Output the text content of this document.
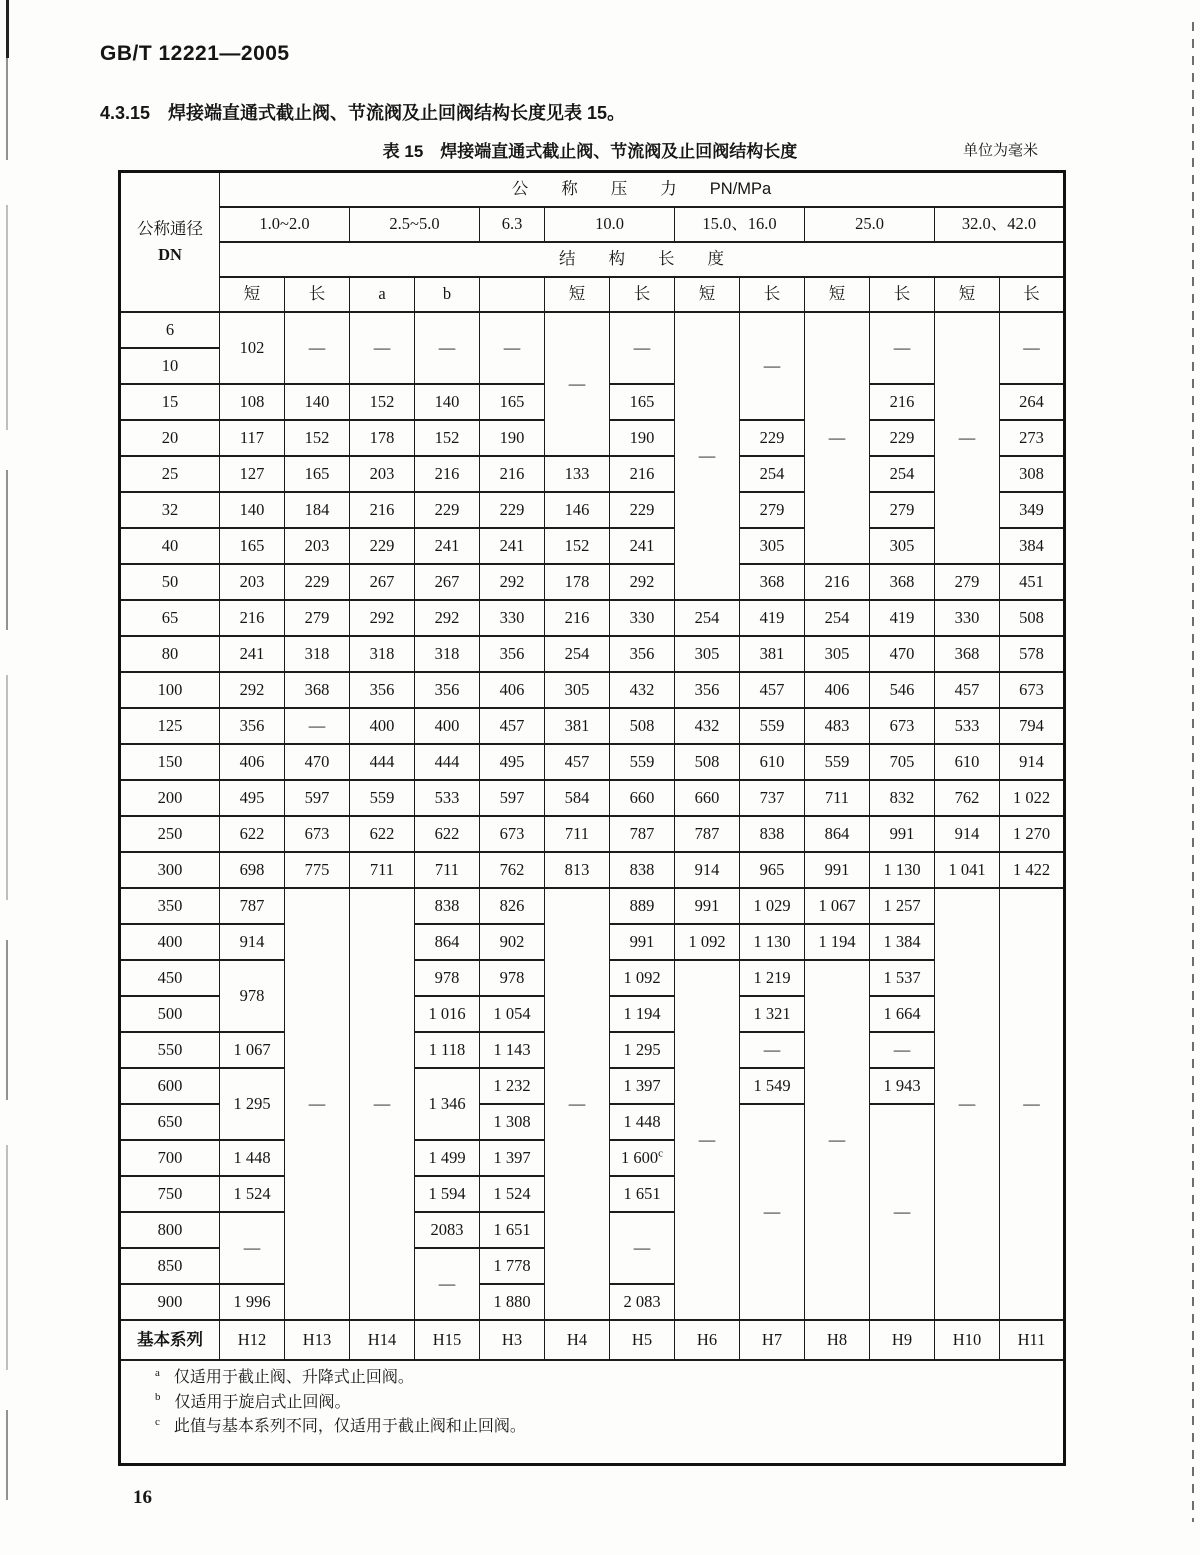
GB/T 12221—2005
4.3.15　焊接端直通式截止阀、节流阀及止回阀结构长度见表 15。
表 15　焊接端直通式截止阀、节流阀及止回阀结构长度	单位为毫米
公称通径
DN	公　　称　　压　　力　　PN/MPa												
	1.0~2.0		2.5~5.0		6.3	10.0		15.0、16.0		25.0		32.0、42.0	
	结　　构　　长　　度												
	短	长	a	b		短	长	短	长	短	长	短	长
6	102	—	—	—	—	—	—	—	—	—	—	—	—
10													
15	108	140	152	140	165		165				216		264
20	117	152	178	152	190		190		229		229		273
25	127	165	203	216	216	133	216		254		254		308
32	140	184	216	229	229	146	229		279		279		349
40	165	203	229	241	241	152	241		305		305		384
50	203	229	267	267	292	178	292		368	216	368	279	451
65	216	279	292	292	330	216	330	254	419	254	419	330	508
80	241	318	318	318	356	254	356	305	381	305	470	368	578
100	292	368	356	356	406	305	432	356	457	406	546	457	673
125	356	—	400	400	457	381	508	432	559	483	673	533	794
150	406	470	444	444	495	457	559	508	610	559	705	610	914
200	495	597	559	533	597	584	660	660	737	711	832	762	1 022
250	622	673	622	622	673	711	787	787	838	864	991	914	1 270
300	698	775	711	711	762	813	838	914	965	991	1 130	1 041	1 422
350	787	—	—	838	826	—	889	991	1 029	1 067	1 257	—	—
400	914			864	902		991	1 092	1 130	1 194	1 384		
450	978			978	978		1 092	—	1 219	—	1 537		
500				1 016	1 054		1 194		1 321		1 664		
550	1 067			1 118	1 143		1 295		—		—		
600	1 295			1 346	1 232		1 397		1 549		1 943		
650					1 308		1 448		—		—		
700	1 448			1 499	1 397		1 600$^c$
750	1 524			1 594	1 524		1 651						
800	—			2083	1 651		—						
850				—	1 778								
900	1 996				1 880		2 083						
基本系列	H12	H13	H14	H15	H3	H4	H5	H6	H7	H8	H9	H10	H11

$^a$ 仅适用于截止阀、升降式止回阀。
$^b$ 仅适用于旋启式止回阀。
$^c$ 此值与基本系列不同，仅适用于截止阀和止回阀。													
16
